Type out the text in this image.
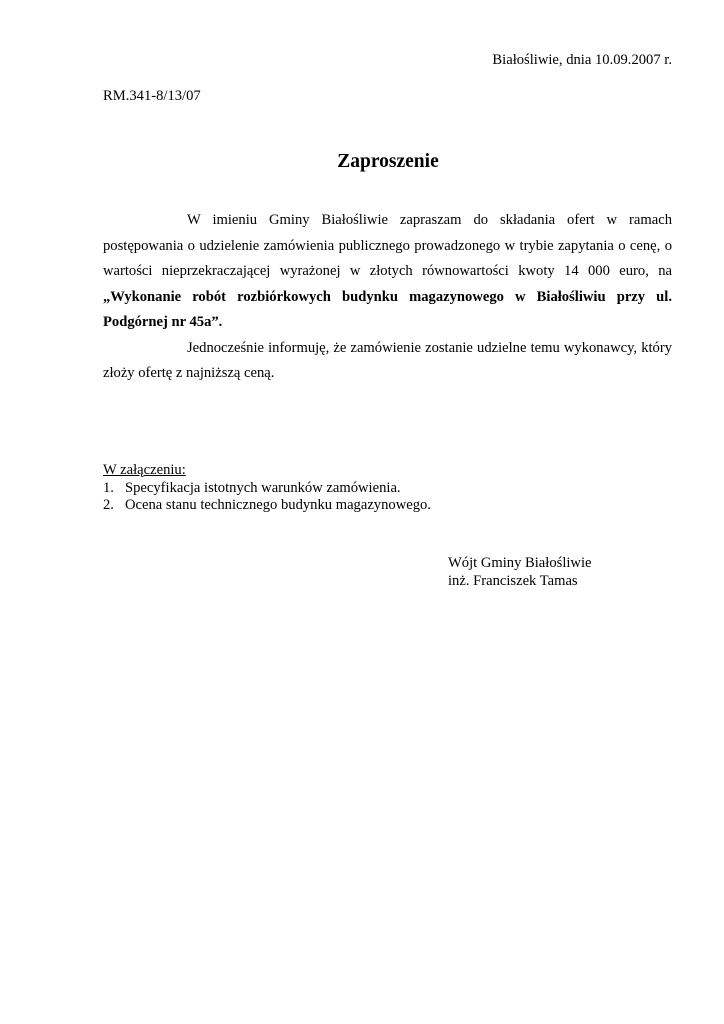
Białośliwie, dnia 10.09.2007 r.
RM.341-8/13/07
Zaproszenie

W imieniu Gminy Białośliwie zapraszam do składania ofert w ramach postępowania o udzielenie zamówienia publicznego prowadzonego w trybie zapytania o cenę, o wartości nieprzekraczającej wyrażonej w złotych równowartości kwoty 14 000 euro, na „Wykonanie robót rozbiórkowych budynku magazynowego w Białośliwiu przy ul. Podgórnej nr 45a”.

Jednocześnie informuję, że zamówienie zostanie udzielne temu wykonawcy, który złoży ofertę z najniższą ceną.

W załączeniu:
1. Specyfikacja istotnych warunków zamówienia.
2. Ocena stanu technicznego budynku magazynowego.
Wójt Gminy Białośliwie
inż. Franciszek Tamas
